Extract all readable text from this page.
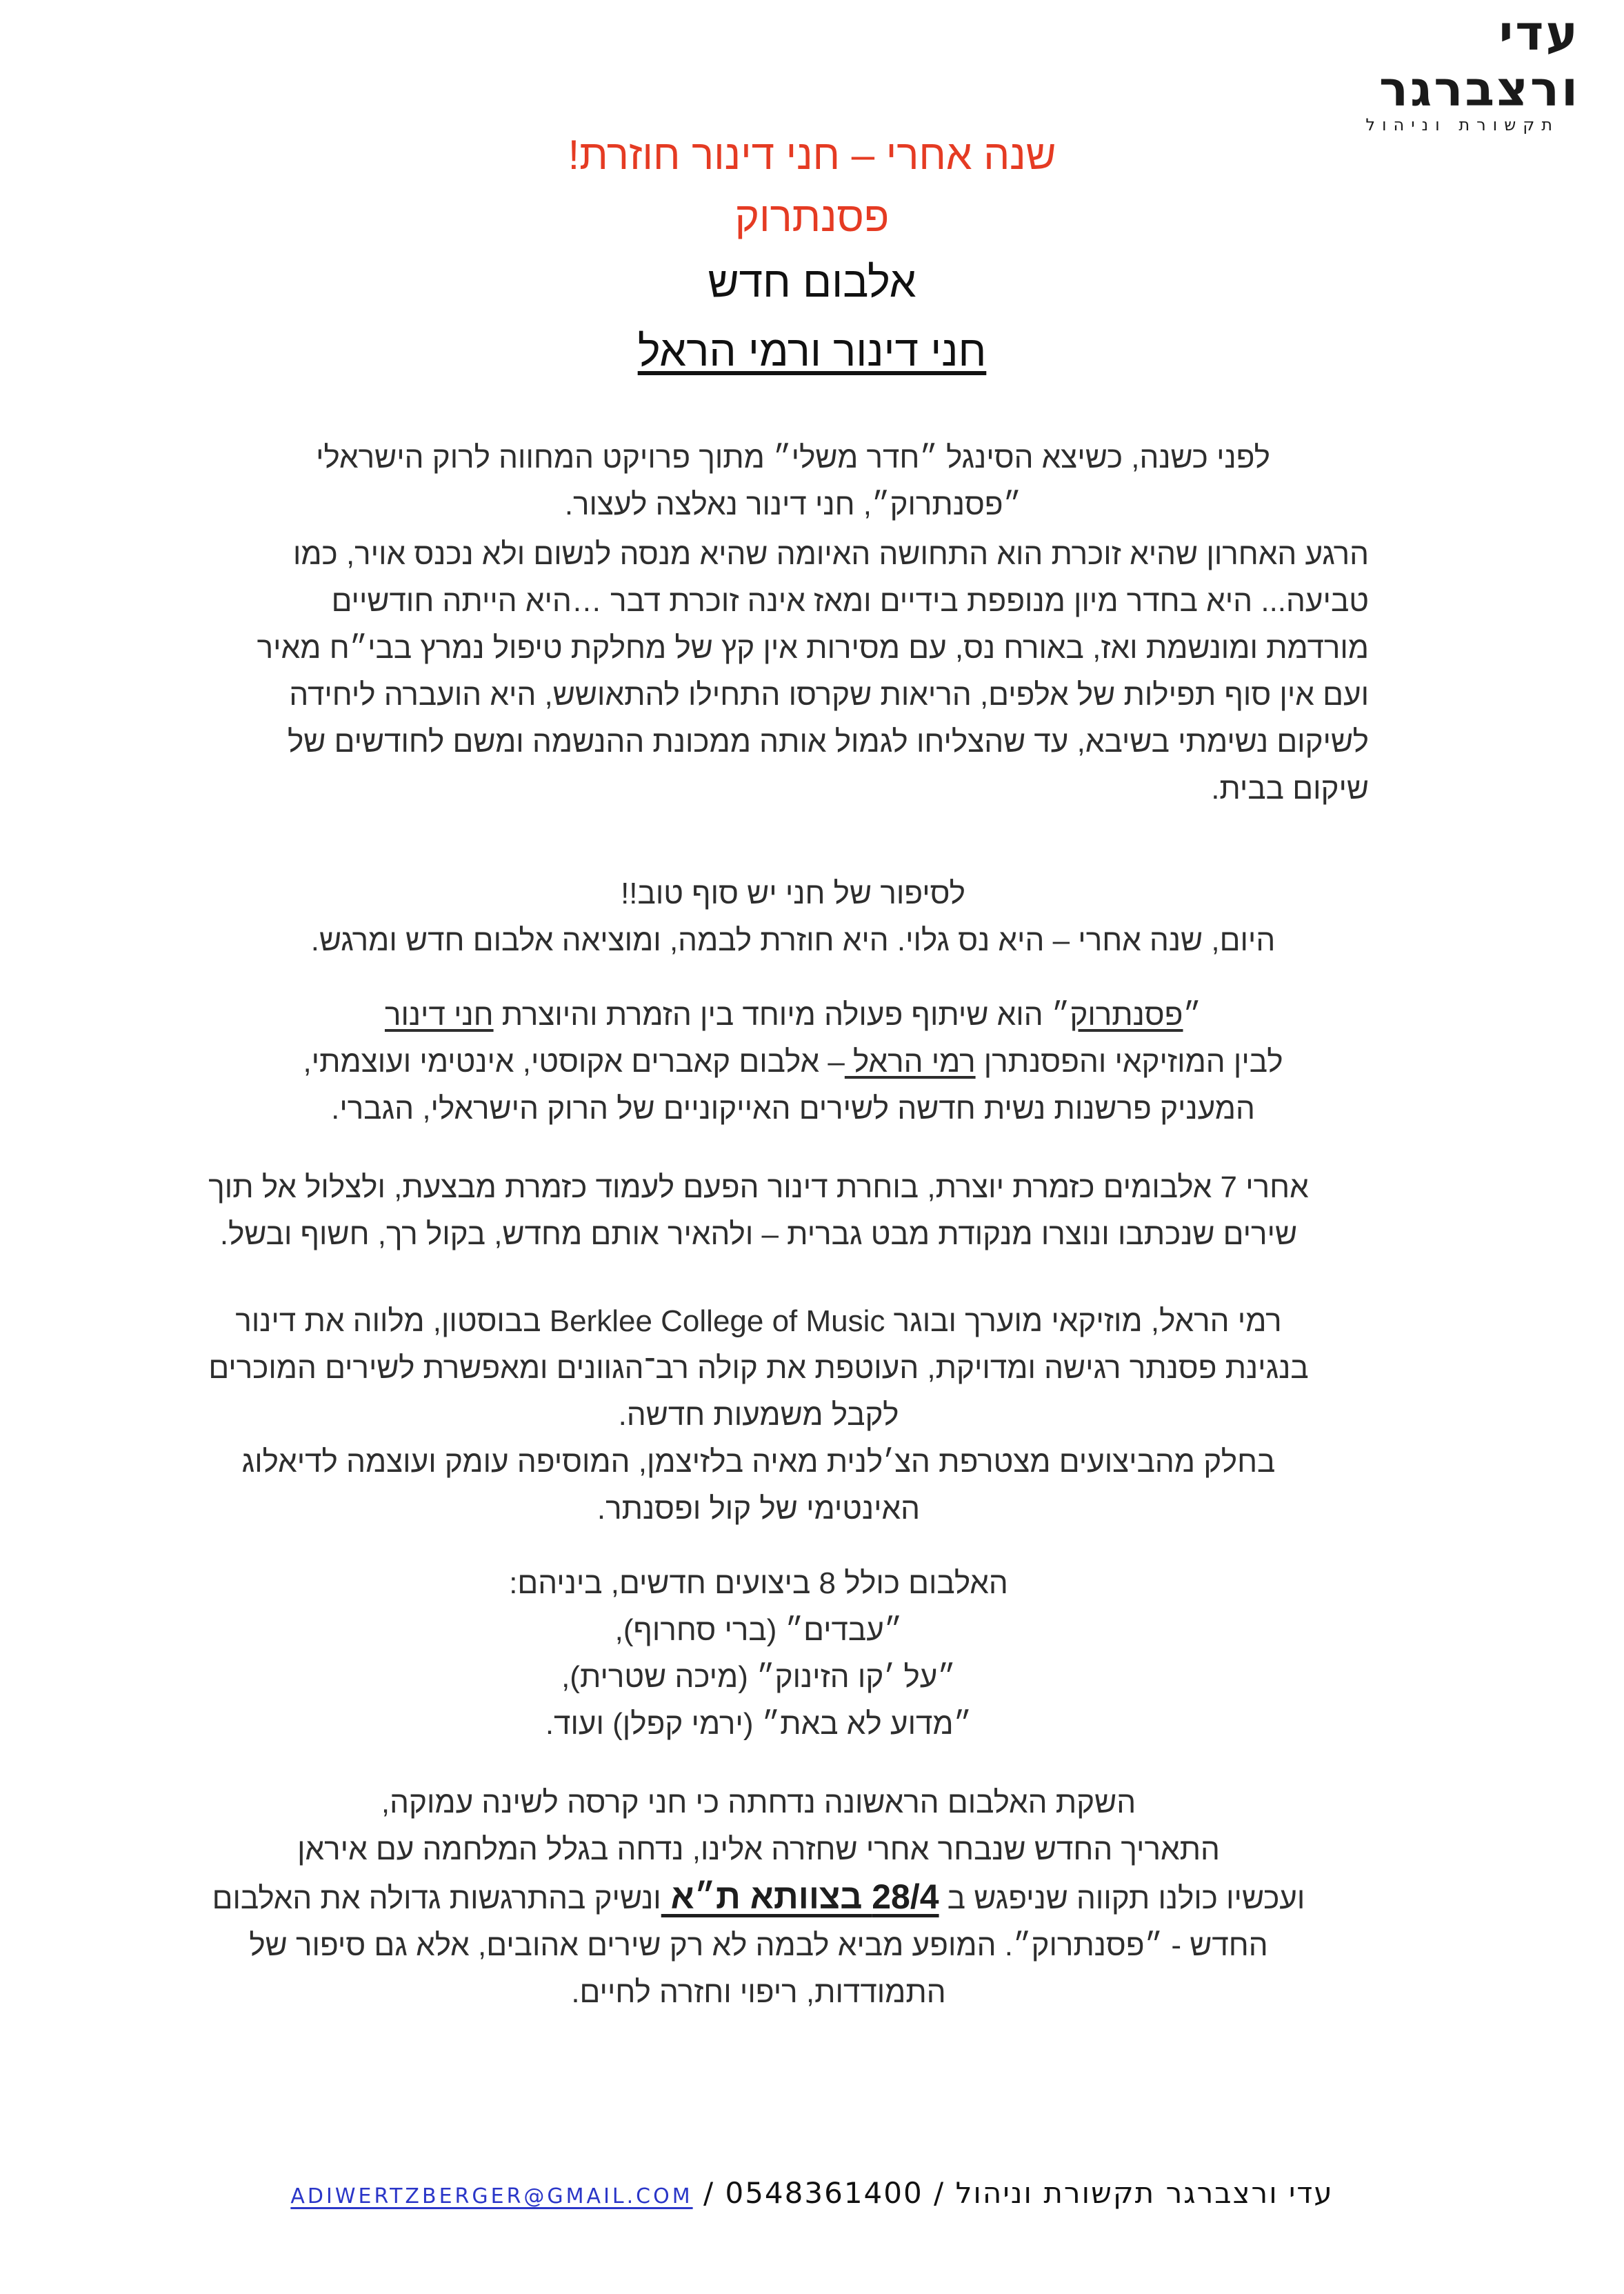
עדי ורצברגר
תקשורת וניהול
שנה אחרי – חני דינור חוזרת!
פסנתרוק
אלבום חדש
חני דינור ורמי הראל

לפני כשנה, כשיצא הסינגל ״חדר משלי״ מתוך פרויקט המחווה לרוק הישראלי

״פסנתרוק״, חני דינור נאלצה לעצור.

הרגע האחרון שהיא זוכרת הוא התחושה האיומה שהיא מנסה לנשום ולא נכנס אויר, כמו

טביעה... היא בחדר מיון מנופפת בידיים ומאז אינה זוכרת דבר …היא הייתה חודשיים

מורדמת ומונשמת ואז, באורח נס, עם מסירות אין קץ של מחלקת טיפול נמרץ בבי״ח מאיר

ועם אין סוף תפילות של אלפים, הריאות שקרסו התחילו להתאושש, היא הועברה ליחידה

לשיקום נשימתי בשיבא, עד שהצליחו לגמול אותה ממכונת ההנשמה ומשם לחודשים של

שיקום בבית.

לסיפור של חני יש סוף טוב!!

היום, שנה אחרי – היא נס גלוי. היא חוזרת לבמה, ומוציאה אלבום חדש ומרגש.

״פסנתרוק״ הוא שיתוף פעולה מיוחד בין הזמרת והיוצרת חני דינור

לבין המוזיקאי והפסנתרן רמי הראל – אלבום קאברים אקוסטי, אינטימי ועוצמתי,

המעניק פרשנות נשית חדשה לשירים האייקוניים של הרוק הישראלי, הגברי.

אחרי 7 אלבומים כזמרת יוצרת, בוחרת דינור הפעם לעמוד כזמרת מבצעת, ולצלול אל תוך

שירים שנכתבו ונוצרו מנקודת מבט גברית – ולהאיר אותם מחדש, בקול רך, חשוף ובשל.

רמי הראל, מוזיקאי מוערך ובוגר Berklee College of Music בבוסטון, מלווה את דינור

בנגינת פסנתר רגישה ומדויקת, העוטפת את קולה רב־הגוונים ומאפשרת לשירים המוכרים

לקבל משמעות חדשה.

בחלק מהביצועים מצטרפת הצ׳לנית מאיה בלזיצמן, המוסיפה עומק ועוצמה לדיאלוג

האינטימי של קול ופסנתר.

האלבום כולל 8 ביצועים חדשים, ביניהם:

״עבדים״ (ברי סחרוף),

״על ׳קו הזינוק״ (מיכה שטרית),

״מדוע לא באת״ (ירמי קפלן) ועוד.

השקת האלבום הראשונה נדחתה כי חני קרסה לשינה עמוקה,

התאריך החדש שנבחר אחרי שחזרה אלינו, נדחה בגלל המלחמה עם איראן

ועכשיו כולנו תקווה שניפגש ב 28/4 בצוותא ת״א ונשיק בהתרגשות גדולה את האלבום

החדש - ״פסנתרוק״. המופע מביא לבמה לא רק שירים אהובים, אלא גם סיפור של

התמודדות, ריפוי וחזרה לחיים.

עדי ורצברגר תקשורת וניהול / 0548361400 / ADIWERTZBERGER@GMAIL.COM
